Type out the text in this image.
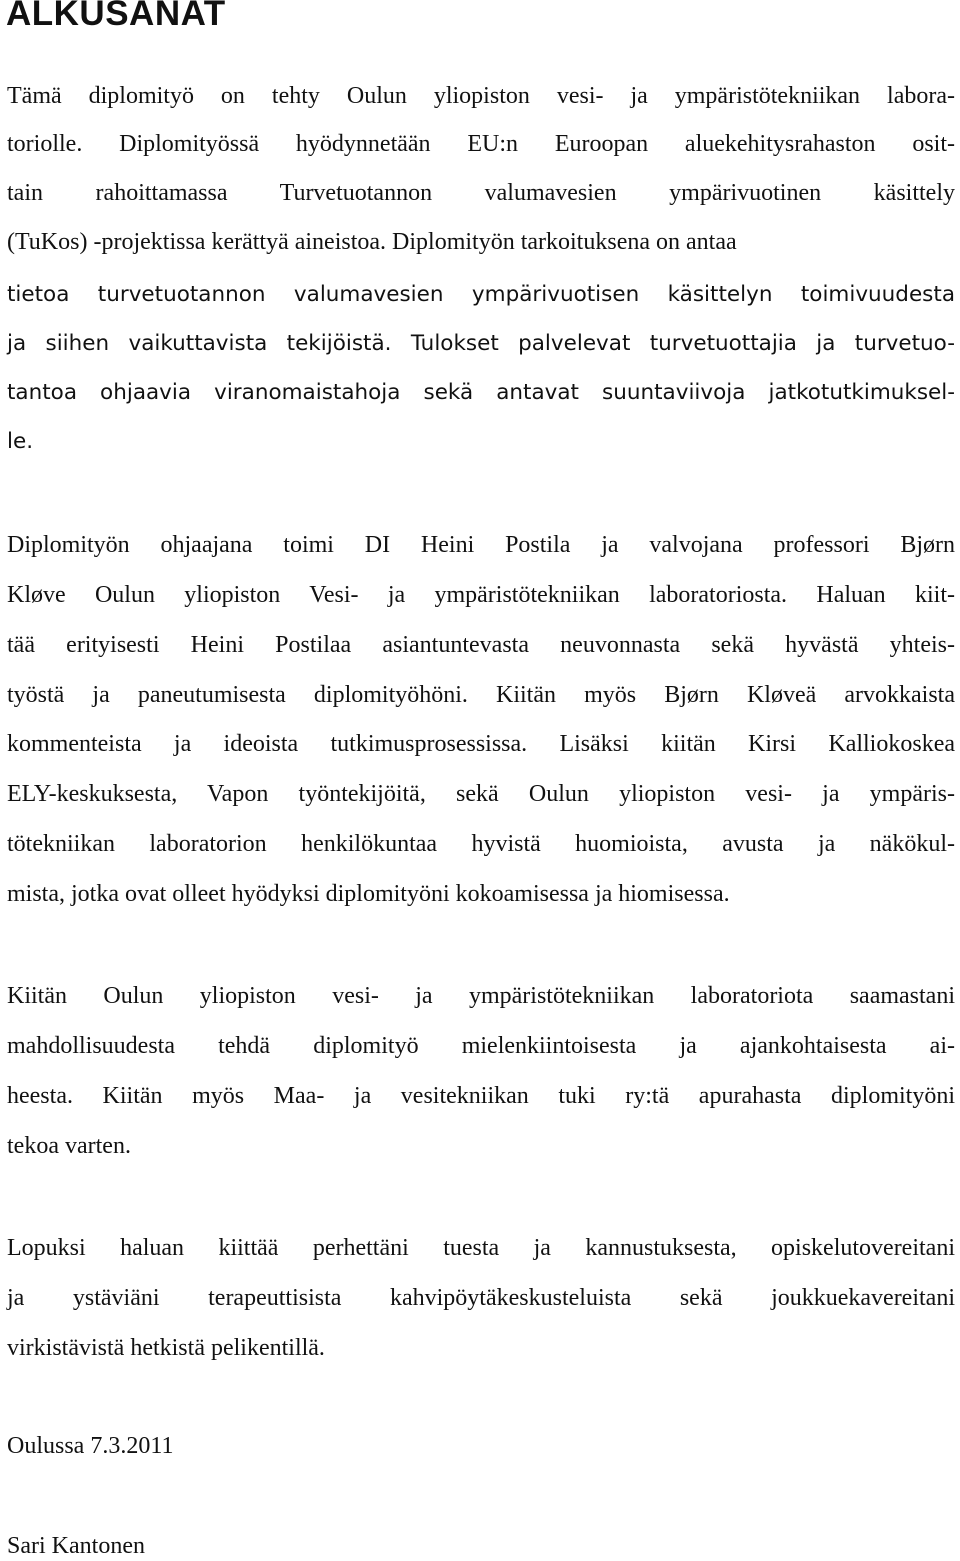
ALKUSANAT
Tämä diplomityö on tehty Oulun yliopiston vesi- ja ympäristötekniikan labora-
toriolle. Diplomityössä hyödynnetään EU:n Euroopan aluekehitysrahaston osit-
tain rahoittamassa Turvetuotannon valumavesien ympärivuotinen käsittely
(TuKos) -projektissa kerättyä aineistoa. Diplomityön tarkoituksena on antaa
tietoa turvetuotannon valumavesien ympärivuotisen käsittelyn toimivuudesta
ja siihen vaikuttavista tekijöistä. Tulokset palvelevat turvetuottajia ja turvetuo-
tantoa ohjaavia viranomaistahoja sekä antavat suuntaviivoja jatkotutkimuksel-
le.
Diplomityön ohjaajana toimi DI Heini Postila ja valvojana professori Bjørn
Kløve Oulun yliopiston Vesi- ja ympäristötekniikan laboratoriosta. Haluan kiit-
tää erityisesti Heini Postilaa asiantuntevasta neuvonnasta sekä hyvästä yhteis-
työstä ja paneutumisesta diplomityöhöni. Kiitän myös Bjørn Kløveä arvokkaista
kommenteista ja ideoista tutkimusprosessissa. Lisäksi kiitän Kirsi Kalliokoskea
ELY-keskuksesta, Vapon työntekijöitä, sekä Oulun yliopiston vesi- ja ympäris-
tötekniikan laboratorion henkilökuntaa hyvistä huomioista, avusta ja näkökul-
mista, jotka ovat olleet hyödyksi diplomityöni kokoamisessa ja hiomisessa.
Kiitän Oulun yliopiston vesi- ja ympäristötekniikan laboratoriota saamastani
mahdollisuudesta tehdä diplomityö mielenkiintoisesta ja ajankohtaisesta ai-
heesta. Kiitän myös Maa- ja vesitekniikan tuki ry:tä apurahasta diplomityöni
tekoa varten.
Lopuksi haluan kiittää perhettäni tuesta ja kannustuksesta, opiskelutovereitani
ja ystäviäni terapeuttisista kahvipöytäkeskusteluista sekä joukkuekavereitani
virkistävistä hetkistä pelikentillä.
Oulussa 7.3.2011
Sari Kantonen
